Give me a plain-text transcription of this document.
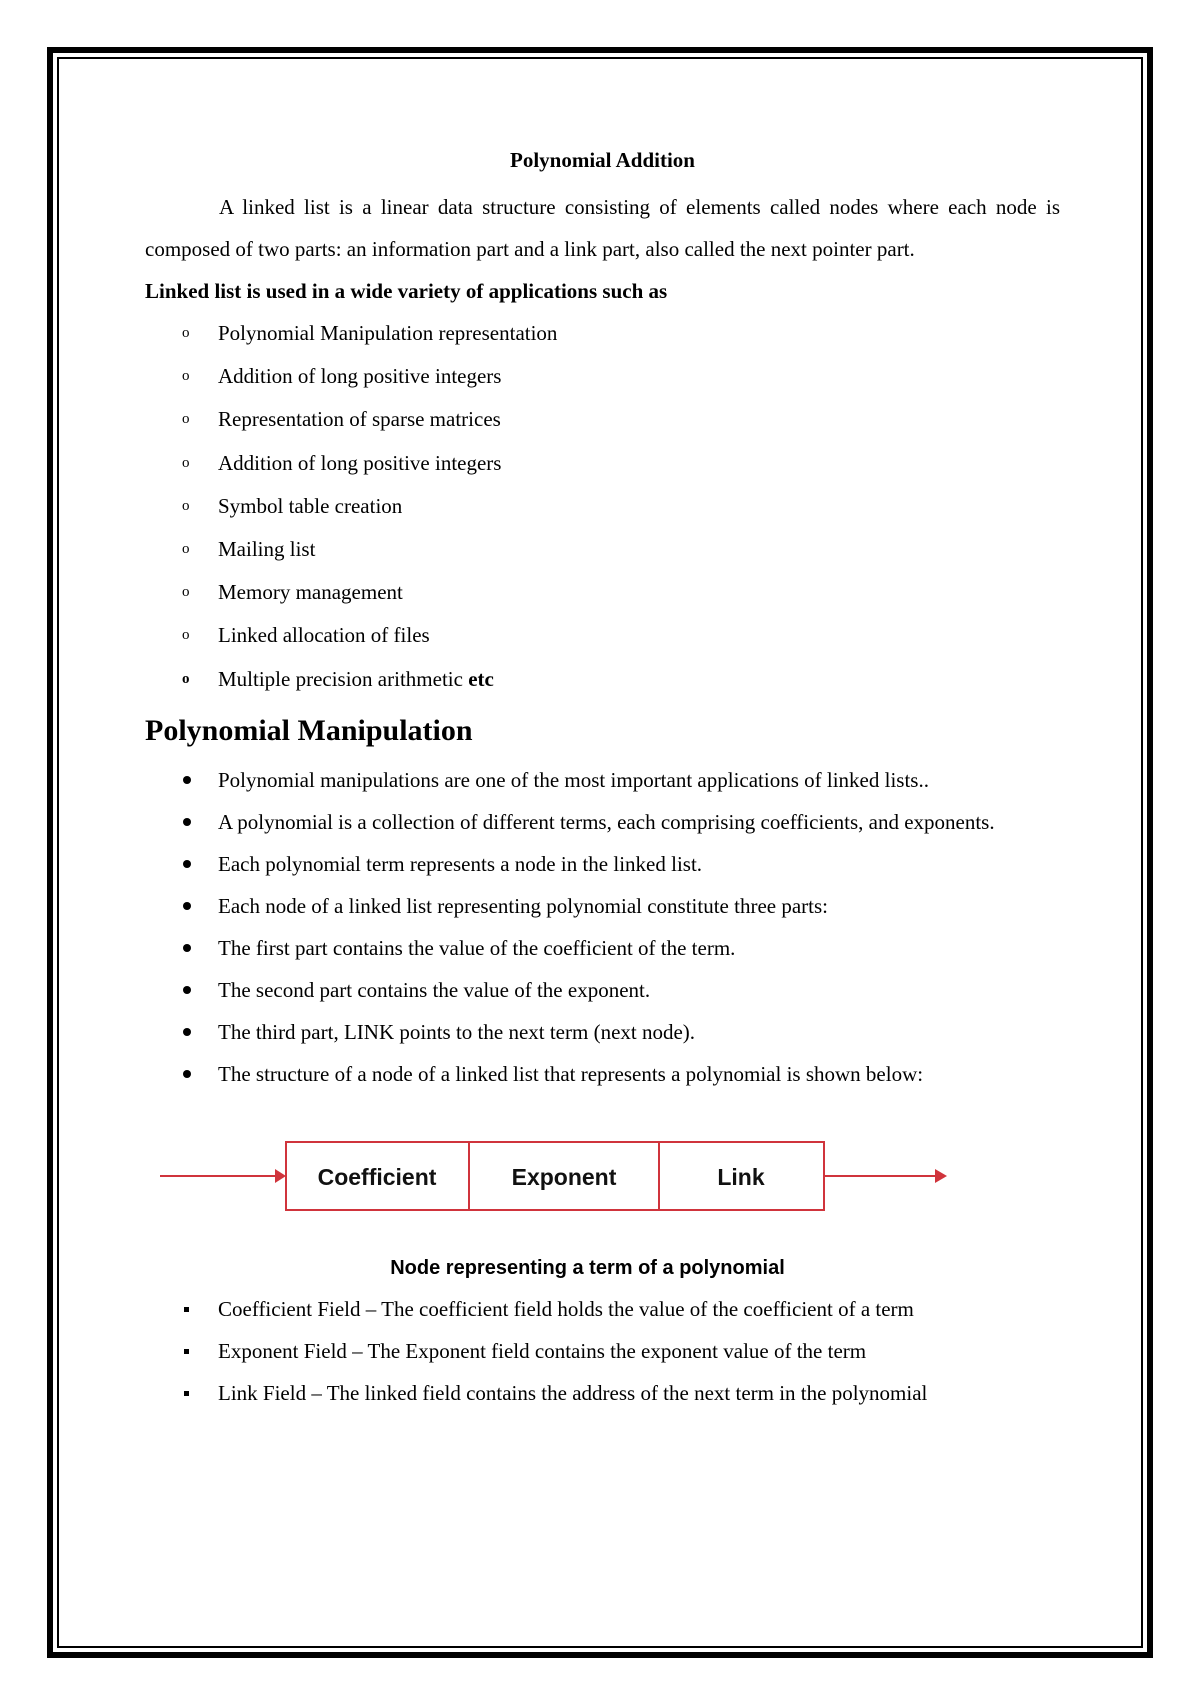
Polynomial Addition

A linked list is a linear data structure consisting of elements called nodes where each node is composed of two parts: an information part and a link part, also called the next pointer part.

Linked list is used in a wide variety of applications such as

o Polynomial Manipulation representation
o Addition of long positive integers
o Representation of sparse matrices
o Addition of long positive integers
o Symbol table creation
o Mailing list
o Memory management
o Linked allocation of files
o Multiple precision arithmetic etc
Polynomial Manipulation
Polynomial manipulations are one of the most important applications of linked lists..
A polynomial is a collection of different terms, each comprising coefficients, and exponents.
Each polynomial term represents a node in the linked list.
Each node of a linked list representing polynomial constitute three parts:
The first part contains the value of the coefficient of the term.
The second part contains the value of the exponent.
The third part, LINK points to the next term (next node).
The structure of a node of a linked list that represents a polynomial is shown below:
Coefficient	Exponent	Link

Node representing a term of a polynomial

Coefficient Field – The coefficient field holds the value of the coefficient of a term
Exponent Field – The Exponent field contains the exponent value of the term
Link Field – The linked field contains the address of the next term in the polynomial
